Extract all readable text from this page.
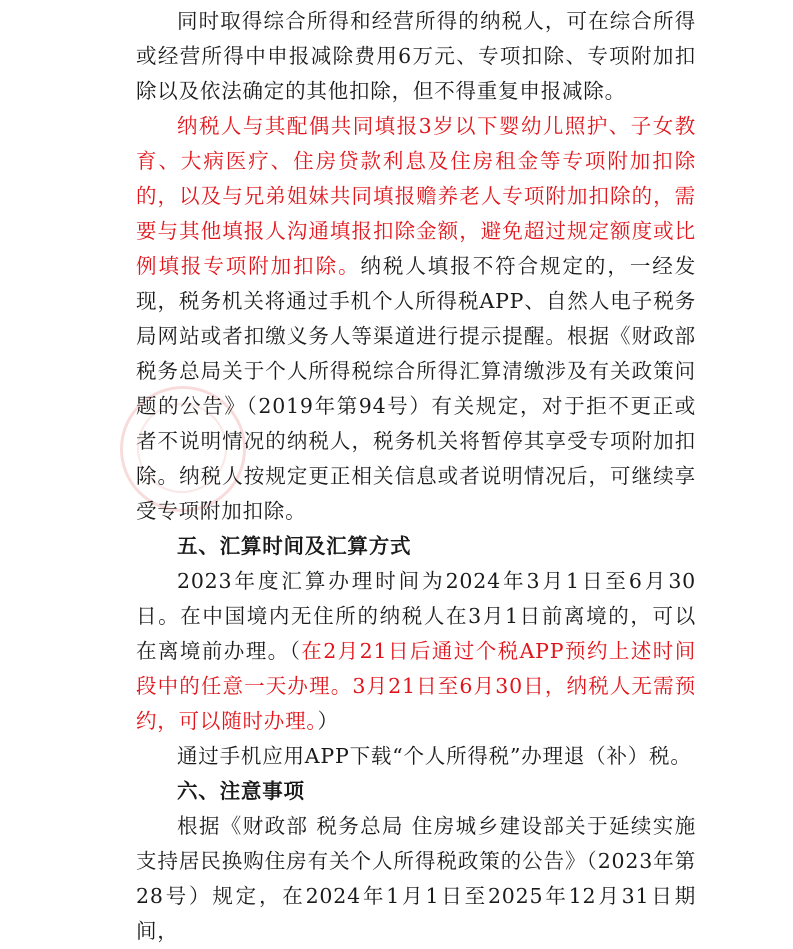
同时取得综合所得和经营所得的纳税人，可在综合所得或经营所得中申报减除费用6万元、专项扣除、专项附加扣除以及依法确定的其他扣除，但不得重复申报减除。

纳税人与其配偶共同填报3岁以下婴幼儿照护、子女教育、大病医疗、住房贷款利息及住房租金等专项附加扣除的，以及与兄弟姐妹共同填报赡养老人专项附加扣除的，需要与其他填报人沟通填报扣除金额，避免超过规定额度或比例填报专项附加扣除。纳税人填报不符合规定的，一经发现，税务机关将通过手机个人所得税APP、自然人电子税务局网站或者扣缴义务人等渠道进行提示提醒。根据《财政部 税务总局关于个人所得税综合所得汇算清缴涉及有关政策问题的公告》（2019年第94号）有关规定，对于拒不更正或者不说明情况的纳税人，税务机关将暂停其享受专项附加扣除。纳税人按规定更正相关信息或者说明情况后，可继续享受专项附加扣除。

五、汇算时间及汇算方式

2023年度汇算办理时间为2024年3月1日至6月30日。在中国境内无住所的纳税人在3月1日前离境的，可以在离境前办理。（在2月21日后通过个税APP预约上述时间段中的任意一天办理。3月21日至6月30日，纳税人无需预约，可以随时办理。）

通过手机应用APP下载“个人所得税”办理退（补）税。

六、注意事项

根据《财政部 税务总局 住房城乡建设部关于延续实施支持居民换购住房有关个人所得税政策的公告》（2023年第28号）规定，在2024年1月1日至2025年12月31日期间，
